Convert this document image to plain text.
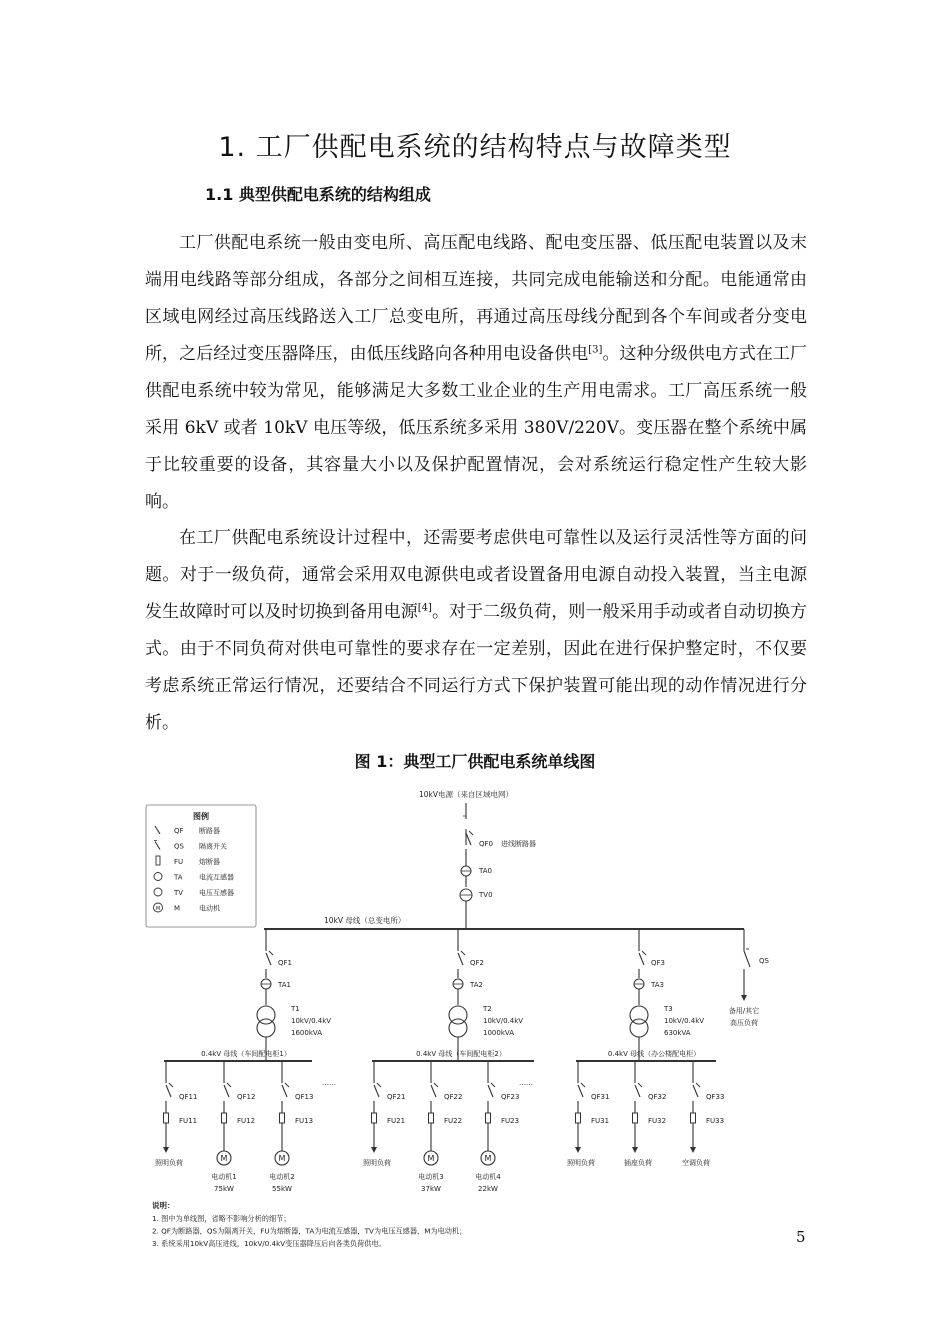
1. 工厂供配电系统的结构特点与故障类型
1.1 典型供配电系统的结构组成

工厂供配电系统一般由变电所、高压配电线路、配电变压器、低压配电装置以及末端用电线路等部分组成，各部分之间相互连接，共同完成电能输送和分配。电能通常由区域电网经过高压线路送入工厂总变电所，再通过高压母线分配到各个车间或者分变电所，之后经过变压器降压，由低压线路向各种用电设备供电[3]。这种分级供电方式在工厂供配电系统中较为常见，能够满足大多数工业企业的生产用电需求。工厂高压系统一般采用 6kV 或者 10kV 电压等级，低压系统多采用 380V/220V。变压器在整个系统中属于比较重要的设备，其容量大小以及保护配置情况，会对系统运行稳定性产生较大影响。

在工厂供配电系统设计过程中，还需要考虑供电可靠性以及运行灵活性等方面的问题。对于一级负荷，通常会采用双电源供电或者设置备用电源自动投入装置，当主电源发生故障时可以及时切换到备用电源[4]。对于二级负荷，则一般采用手动或者自动切换方式。由于不同负荷对供电可靠性的要求存在一定差别，因此在进行保护整定时，不仅要考虑系统正常运行情况，还要结合不同运行方式下保护装置可能出现的动作情况进行分析。

图 1：典型工厂供配电系统单线图
图例
QF 断路器
QS 隔离开关
FU 熔断器
TA 电流互感器
TV 电压互感器
M M	电动机
10kV电源（来自区域电网）
QF0 进线断路器
TA0
TV0
10kV 母线（总变电所）
QS
备用/其它
高压负荷
QF1
TA1
T1
10kV/0.4kV
1600kVA
0.4kV 母线（车间配电柜1）
……
QF11
FU11
照明负荷
QF12
FU12
M
电动机1
75kW
QF13
FU13
M
电动机2
55kW
QF2
TA2
T2
10kV/0.4kV
1000kVA
0.4kV 母线（车间配电柜2）
……
QF21
FU21
照明负荷
QF22
FU22
M
电动机3
37kW
QF23
FU23
M
电动机4
22kW
QF3
TA3
T3
10kV/0.4kV
630kVA
0.4kV 母线（办公楼配电柜）
QF31
FU31
照明负荷
QF32
FU32
插座负荷
QF33
FU33
空调负荷
说明：
1. 图中为单线图，省略不影响分析的细节；
2. QF为断路器，QS为隔离开关，FU为熔断器，TA为电流互感器，TV为电压互感器，M为电动机；
3. 系统采用10kV高压进线，10kV/0.4kV变压器降压后向各类负荷供电。	5
